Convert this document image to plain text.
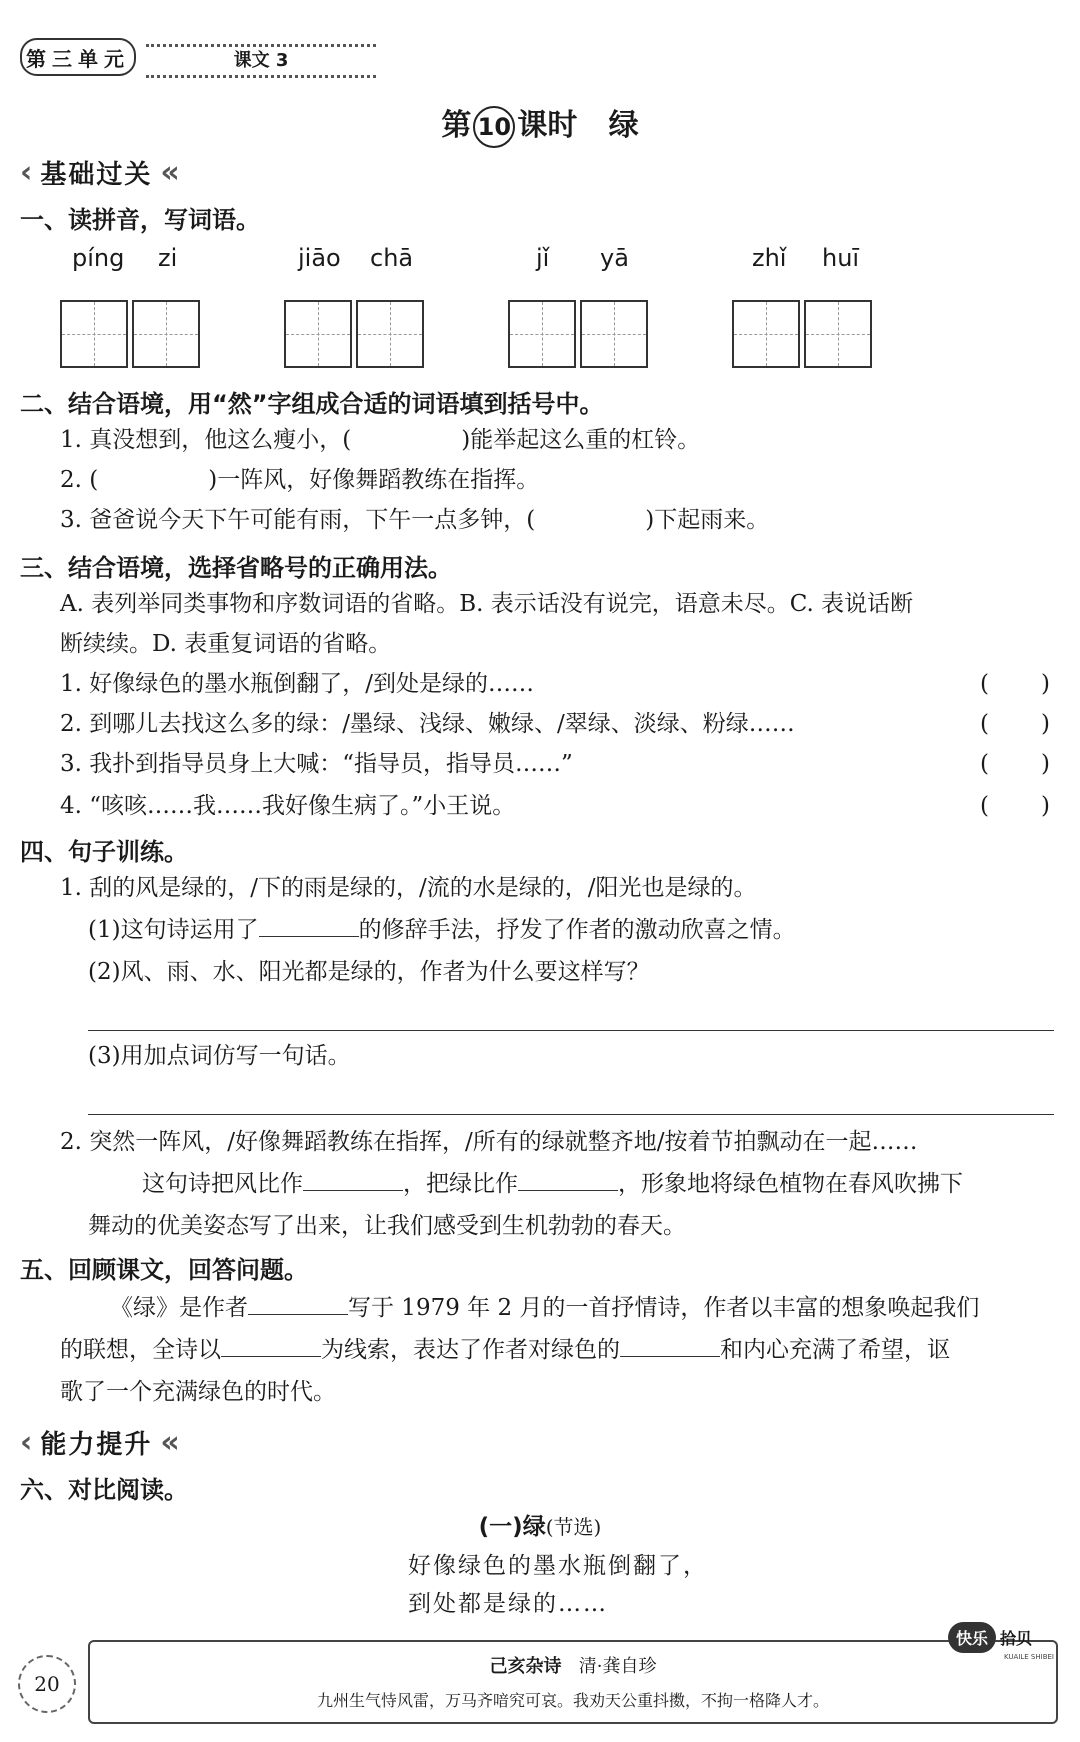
第三单元	课文 3
第 10 课时 绿
‹ 基础过关 «
一、读拼音，写词语。
píng zi	jiāo chā	jǐ yā	zhǐ huī
二、结合语境，用“然”字组成合适的词语填到括号中。
1. 真没想到，他这么瘦小，(	)能举起这么重的杠铃。
2. (	)一阵风，好像舞蹈教练在指挥。
3. 爸爸说今天下午可能有雨，下午一点多钟，(	)下起雨来。
三、结合语境，选择省略号的正确用法。
A. 表列举同类事物和序数词语的省略。B. 表示话没有说完，语意未尽。C. 表说话断
断续续。D. 表重复词语的省略。
1. 好像绿色的墨水瓶倒翻了，/到处是绿的……	( )
2. 到哪儿去找这么多的绿：/墨绿、浅绿、嫩绿、/翠绿、淡绿、粉绿……	( )
3. 我扑到指导员身上大喊：“指导员，指导员……”	( )
4. “咳咳……我……我好像生病了。”小王说。	( )
四、句子训练。
1. 刮的风是绿的，/下的雨是绿的，/流的水是绿的，/阳光也是绿的。
(1)这句诗运用了	的修辞手法，抒发了作者的激动欣喜之情。
(2)风、雨、水、阳光都是绿的，作者为什么要这样写？
(3)用加点词仿写一句话。
2. 突然一阵风，/好像舞蹈教练在指挥，/所有的绿就整齐地/按着节拍飘动在一起……
这句诗把风比作	，把绿比作	，形象地将绿色植物在春风吹拂下
舞动的优美姿态写了出来，让我们感受到生机勃勃的春天。
五、回顾课文，回答问题。
《绿》是作者	写于 1979 年 2 月的一首抒情诗，作者以丰富的想象唤起我们
的联想，全诗以	为线索，表达了作者对绿色的	和内心充满了希望，讴
歌了一个充满绿色的时代。
‹ 能力提升 «
六、对比阅读。
(一)绿(节选)
好像绿色的墨水瓶倒翻了，
到处都是绿的……
20
己亥杂诗 清·龚自珍
九州生气恃风雷，万马齐喑究可哀。我劝天公重抖擞，不拘一格降人才。
快乐 拾贝
KUAILE SHIBEI
